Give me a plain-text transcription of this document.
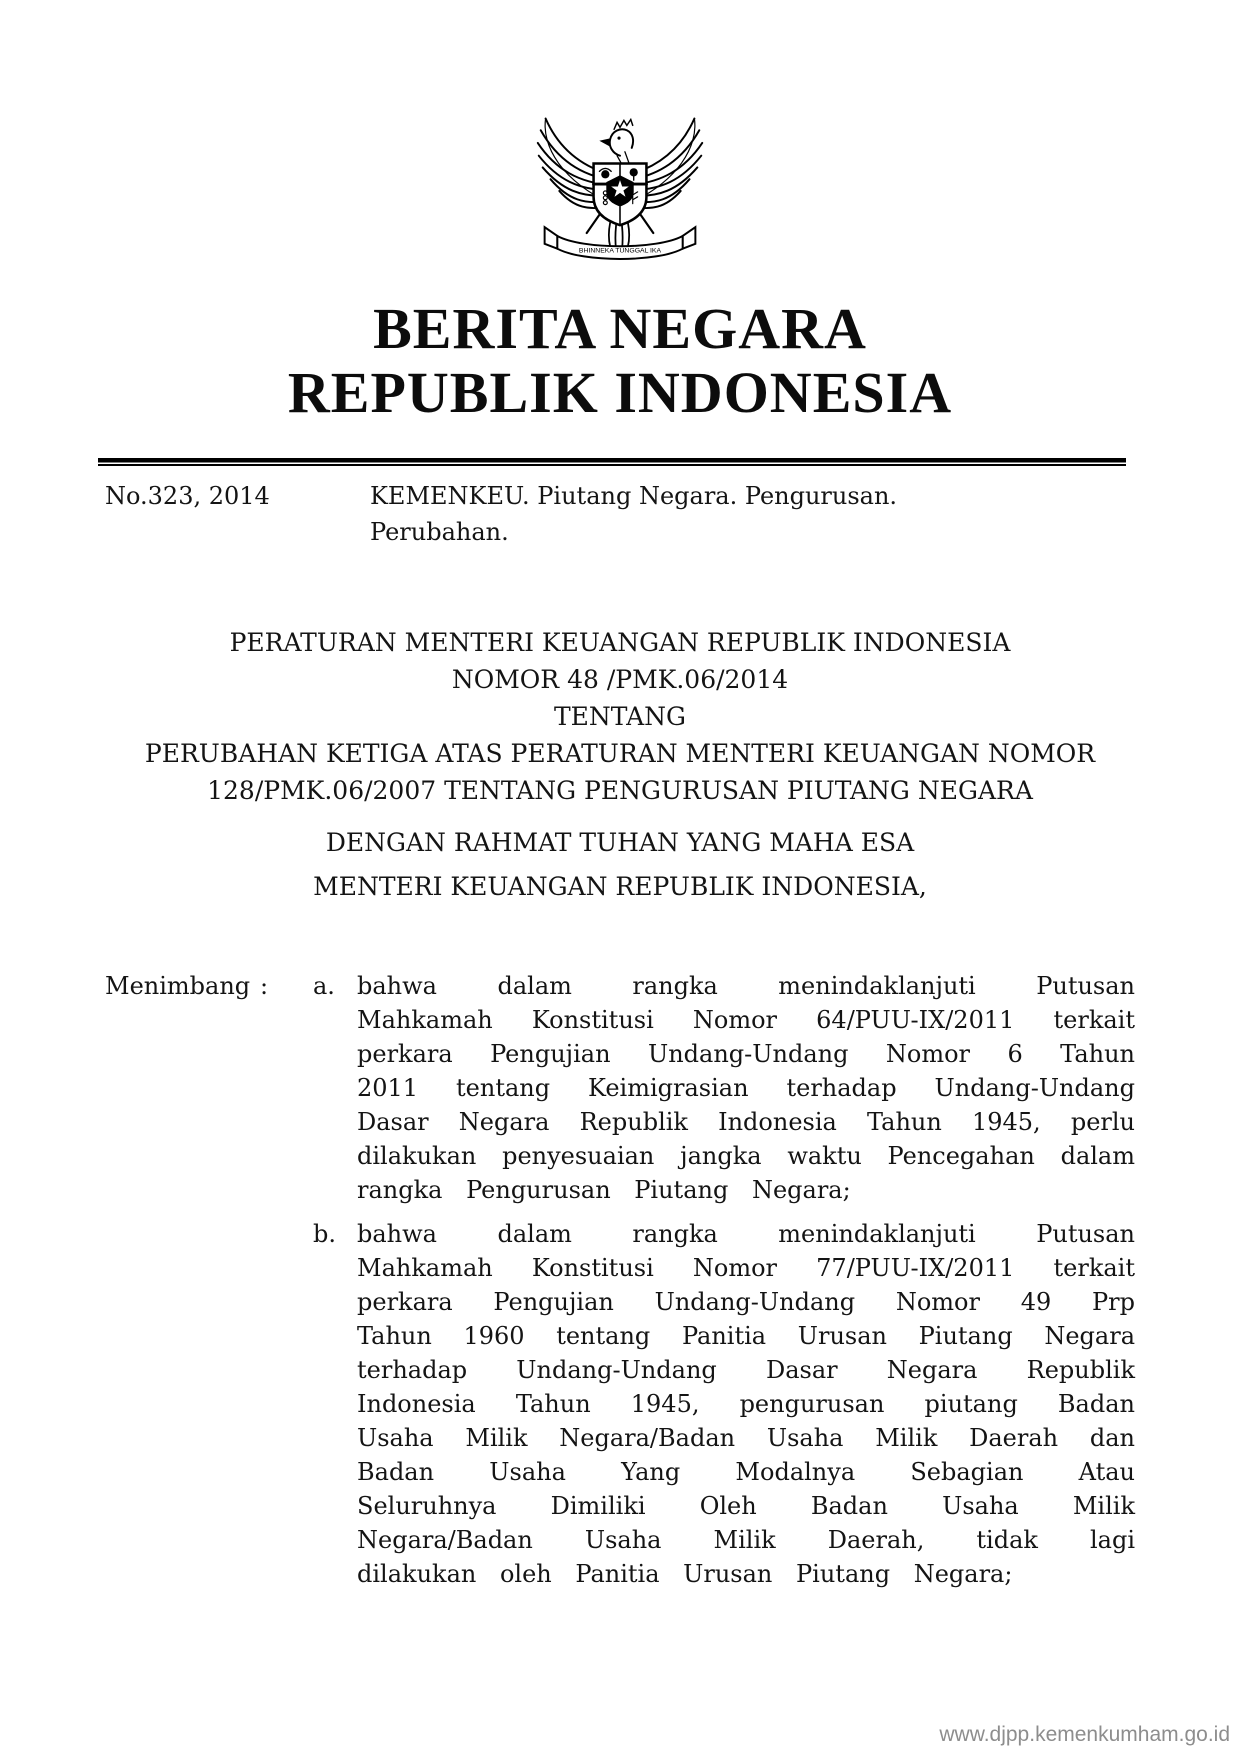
BHINNEKA TUNGGAL IKA
BERITA NEGARA
REPUBLIK INDONESIA
No.323, 2014	KEMENKEU. Piutang Negara. Pengurusan. Perubahan.
PERATURAN MENTERI KEUANGAN REPUBLIK INDONESIA
NOMOR 48 /PMK.06/2014
TENTANG
PERUBAHAN KETIGA ATAS PERATURAN MENTERI KEUANGAN NOMOR
128/PMK.06/2007 TENTANG PENGURUSAN PIUTANG NEGARA
DENGAN RAHMAT TUHAN YANG MAHA ESA
MENTERI KEUANGAN REPUBLIK INDONESIA,
Menimbang :	a. bahwa dalam rangka menindaklanjuti Putusan Mahkamah Konstitusi Nomor 64/PUU-IX/2011 terkait perkara Pengujian Undang-Undang Nomor 6 Tahun 2011 tentang Keimigrasian terhadap Undang-Undang Dasar Negara Republik Indonesia Tahun 1945, perlu dilakukan penyesuaian jangka waktu Pencegahan dalam rangka Pengurusan Piutang Negara;

b. bahwa dalam rangka menindaklanjuti Putusan Mahkamah Konstitusi Nomor 77/PUU-IX/2011 terkait perkara Pengujian Undang-Undang Nomor 49 Prp Tahun 1960 tentang Panitia Urusan Piutang Negara terhadap Undang-Undang Dasar Negara Republik Indonesia Tahun 1945, pengurusan piutang Badan Usaha Milik Negara/Badan Usaha Milik Daerah dan Badan Usaha Yang Modalnya Sebagian Atau Seluruhnya Dimiliki Oleh Badan Usaha Milik Negara/Badan Usaha Milik Daerah, tidak lagi dilakukan oleh Panitia Urusan Piutang Negara;

www.djpp.kemenkumham.go.id
